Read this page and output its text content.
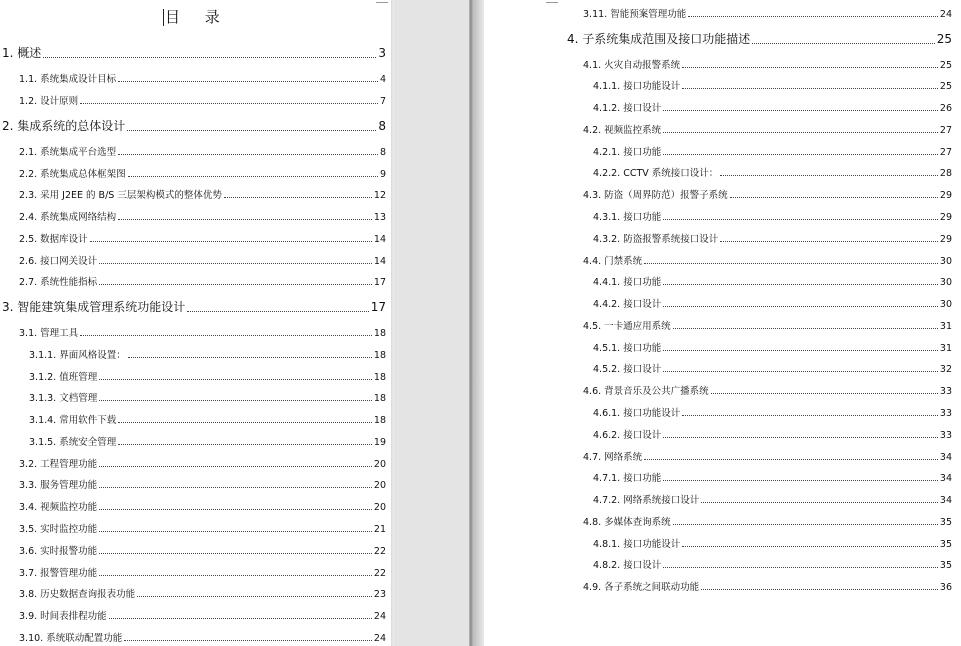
目 录
1. 概述	3
1.1. 系统集成设计目标	4
1.2. 设计原则	7
2. 集成系统的总体设计	8
2.1. 系统集成平台选型	8
2.2. 系统集成总体框架图	9
2.3. 采用 J2EE 的 B/S 三层架构模式的整体优势	12
2.4. 系统集成网络结构	13
2.5. 数据库设计	14
2.6. 接口网关设计	14
2.7. 系统性能指标	17
3. 智能建筑集成管理系统功能设计	17
3.1. 管理工具	18
3.1.1. 界面风格设置：	18
3.1.2. 值班管理	18
3.1.3. 文档管理	18
3.1.4. 常用软件下载	18
3.1.5. 系统安全管理	19
3.2. 工程管理功能	20
3.3. 服务管理功能	20
3.4. 视频监控功能	20
3.5. 实时监控功能	21
3.6. 实时报警功能	22
3.7. 报警管理功能	22
3.8. 历史数据查询报表功能	23
3.9. 时间表排程功能	24
3.10. 系统联动配置功能	24
3.11. 智能预案管理功能	24
4. 子系统集成范围及接口功能描述	25
4.1. 火灾自动报警系统	25
4.1.1. 接口功能设计	25
4.1.2. 接口设计	26
4.2. 视频监控系统	27
4.2.1. 接口功能	27
4.2.2. CCTV 系统接口设计：	28
4.3. 防盗（周界防范）报警子系统	29
4.3.1. 接口功能	29
4.3.2. 防盗报警系统接口设计	29
4.4. 门禁系统	30
4.4.1. 接口功能	30
4.4.2. 接口设计	30
4.5. 一卡通应用系统	31
4.5.1. 接口功能	31
4.5.2. 接口设计	32
4.6. 背景音乐及公共广播系统	33
4.6.1. 接口功能设计	33
4.6.2. 接口设计	33
4.7. 网络系统	34
4.7.1. 接口功能	34
4.7.2. 网络系统接口设计	34
4.8. 多媒体查询系统	35
4.8.1. 接口功能设计	35
4.8.2. 接口设计	35
4.9. 各子系统之间联动功能	36
